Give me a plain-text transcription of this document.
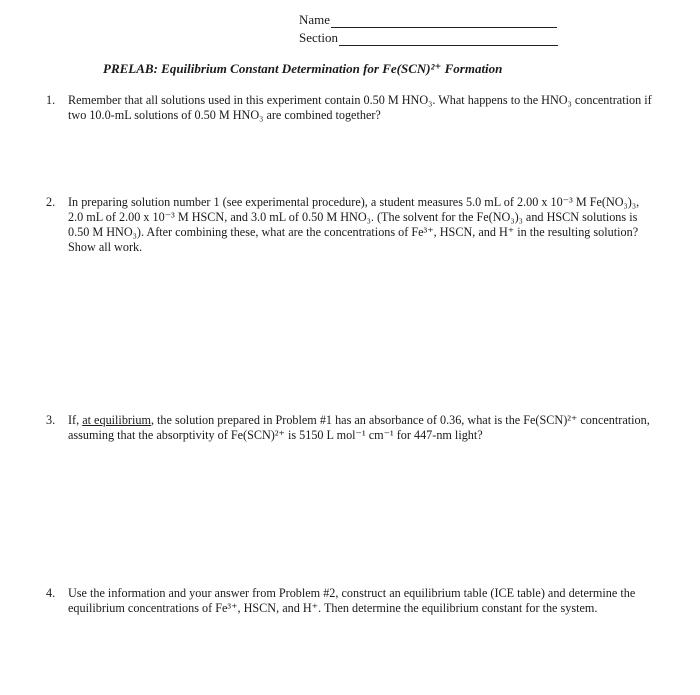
Name
Section
PRELAB: Equilibrium Constant Determination for Fe(SCN)²⁺ Formation
1. Remember that all solutions used in this experiment contain 0.50 M HNO₃. What happens to the HNO₃ concentration if two 10.0-mL solutions of 0.50 M HNO₃ are combined together?
2. In preparing solution number 1 (see experimental procedure), a student measures 5.0 mL of 2.00 x 10⁻³ M Fe(NO₃)₃, 2.0 mL of 2.00 x 10⁻³ M HSCN, and 3.0 mL of 0.50 M HNO₃. (The solvent for the Fe(NO₃)₃ and HSCN solutions is 0.50 M HNO₃). After combining these, what are the concentrations of Fe³⁺, HSCN, and H⁺ in the resulting solution? Show all work.
3. If, at equilibrium, the solution prepared in Problem #1 has an absorbance of 0.36, what is the Fe(SCN)²⁺ concentration, assuming that the absorptivity of Fe(SCN)²⁺ is 5150 L mol⁻¹ cm⁻¹ for 447-nm light?
4. Use the information and your answer from Problem #2, construct an equilibrium table (ICE table) and determine the equilibrium concentrations of Fe³⁺, HSCN, and H⁺. Then determine the equilibrium constant for the system.
